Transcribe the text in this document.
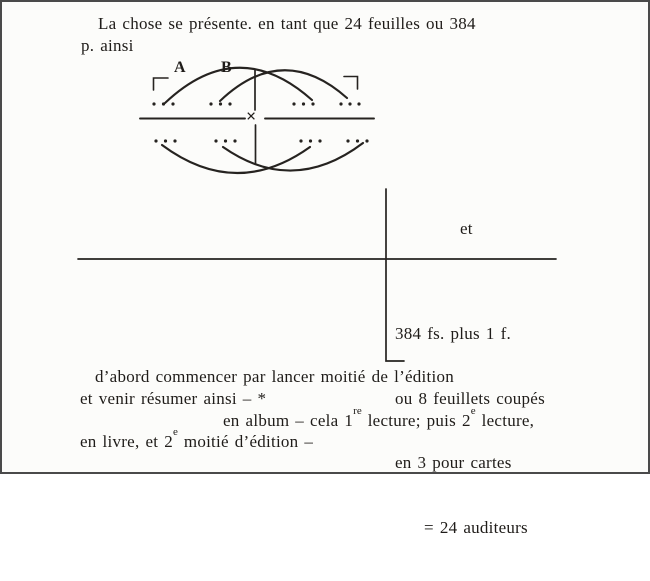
La chose se présente. en tant que 24 feuilles ou 384
p. ainsi
A B
×
et

384 fs. plus 1 f.

ou 8 feuillets coupés

en 3 pour cartes

= 24 auditeurs

d’abord commencer par lancer moitié de l’édition
et venir résumer ainsi – *
en album – cela 1re lecture; puis 2e lecture,
en livre, et 2e moitié d’édition –
